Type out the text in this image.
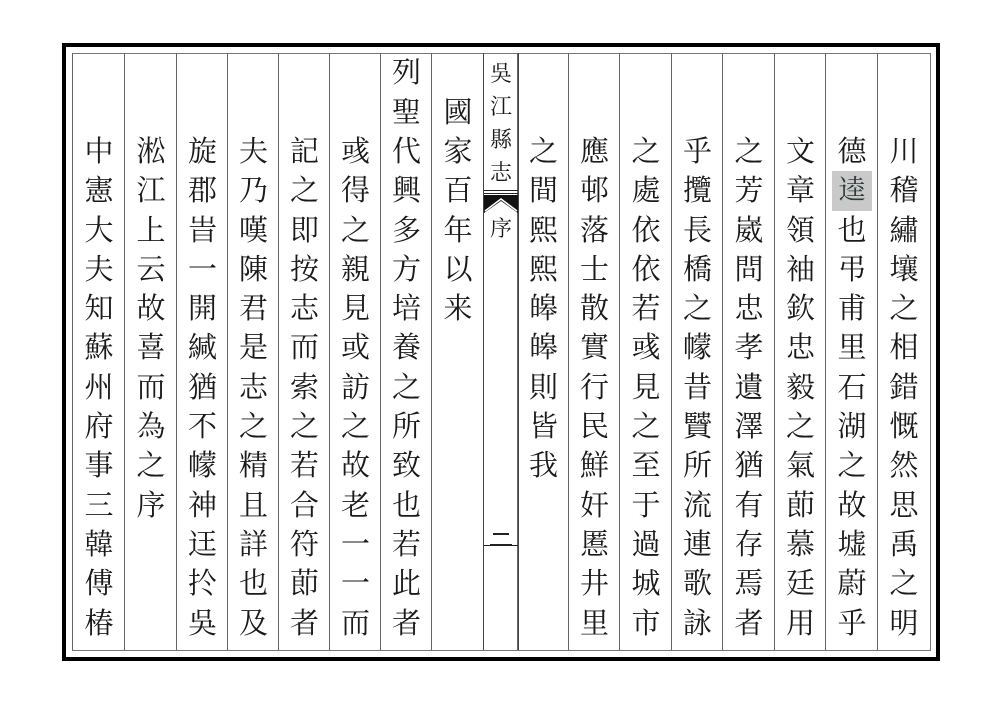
川
稽
繡
壤
之
相
錯
慨
然
思
禹
之
明
德
逵
也
弔
甫
里
石
湖
之
故
墟
蔚
乎
文
章
領
袖
欽
忠
毅
之
氣
莭
慕
廷
用
之
芳
崴
問
忠
孝
遺
澤
猶
有
存
焉
者
乎
攬
長
橋
之
幪
昔
贒
所
流
連
歌
詠
之
處
依
依
若
彧
見
之
至
于
過
城
市
應
邨
落
士
散
實
行
民
鮮
奸
慝
井
里
之
間
熙
熙
皞
皞
則
皆
我
吳
江
縣
志
序
國
家
百
年
以
来
列
聖
代
興
多
方
培
養
之
所
致
也
若
此
者
彧
得
之
親
見
或
訪
之
故
老
一
一
而
記
之
即
按
志
而
索
之
若
合
符
莭
者
夫
乃
嘆
陳
君
是
志
之
精
且
詳
也
及
旋
郡
旹
一
開
緘
猶
不
幪
神
迋
扵
吳
淞
江
上
云
故
喜
而
為
之
序
中
憲
大
夫
知
蘇
州
府
事
三
韓
傅
椿
